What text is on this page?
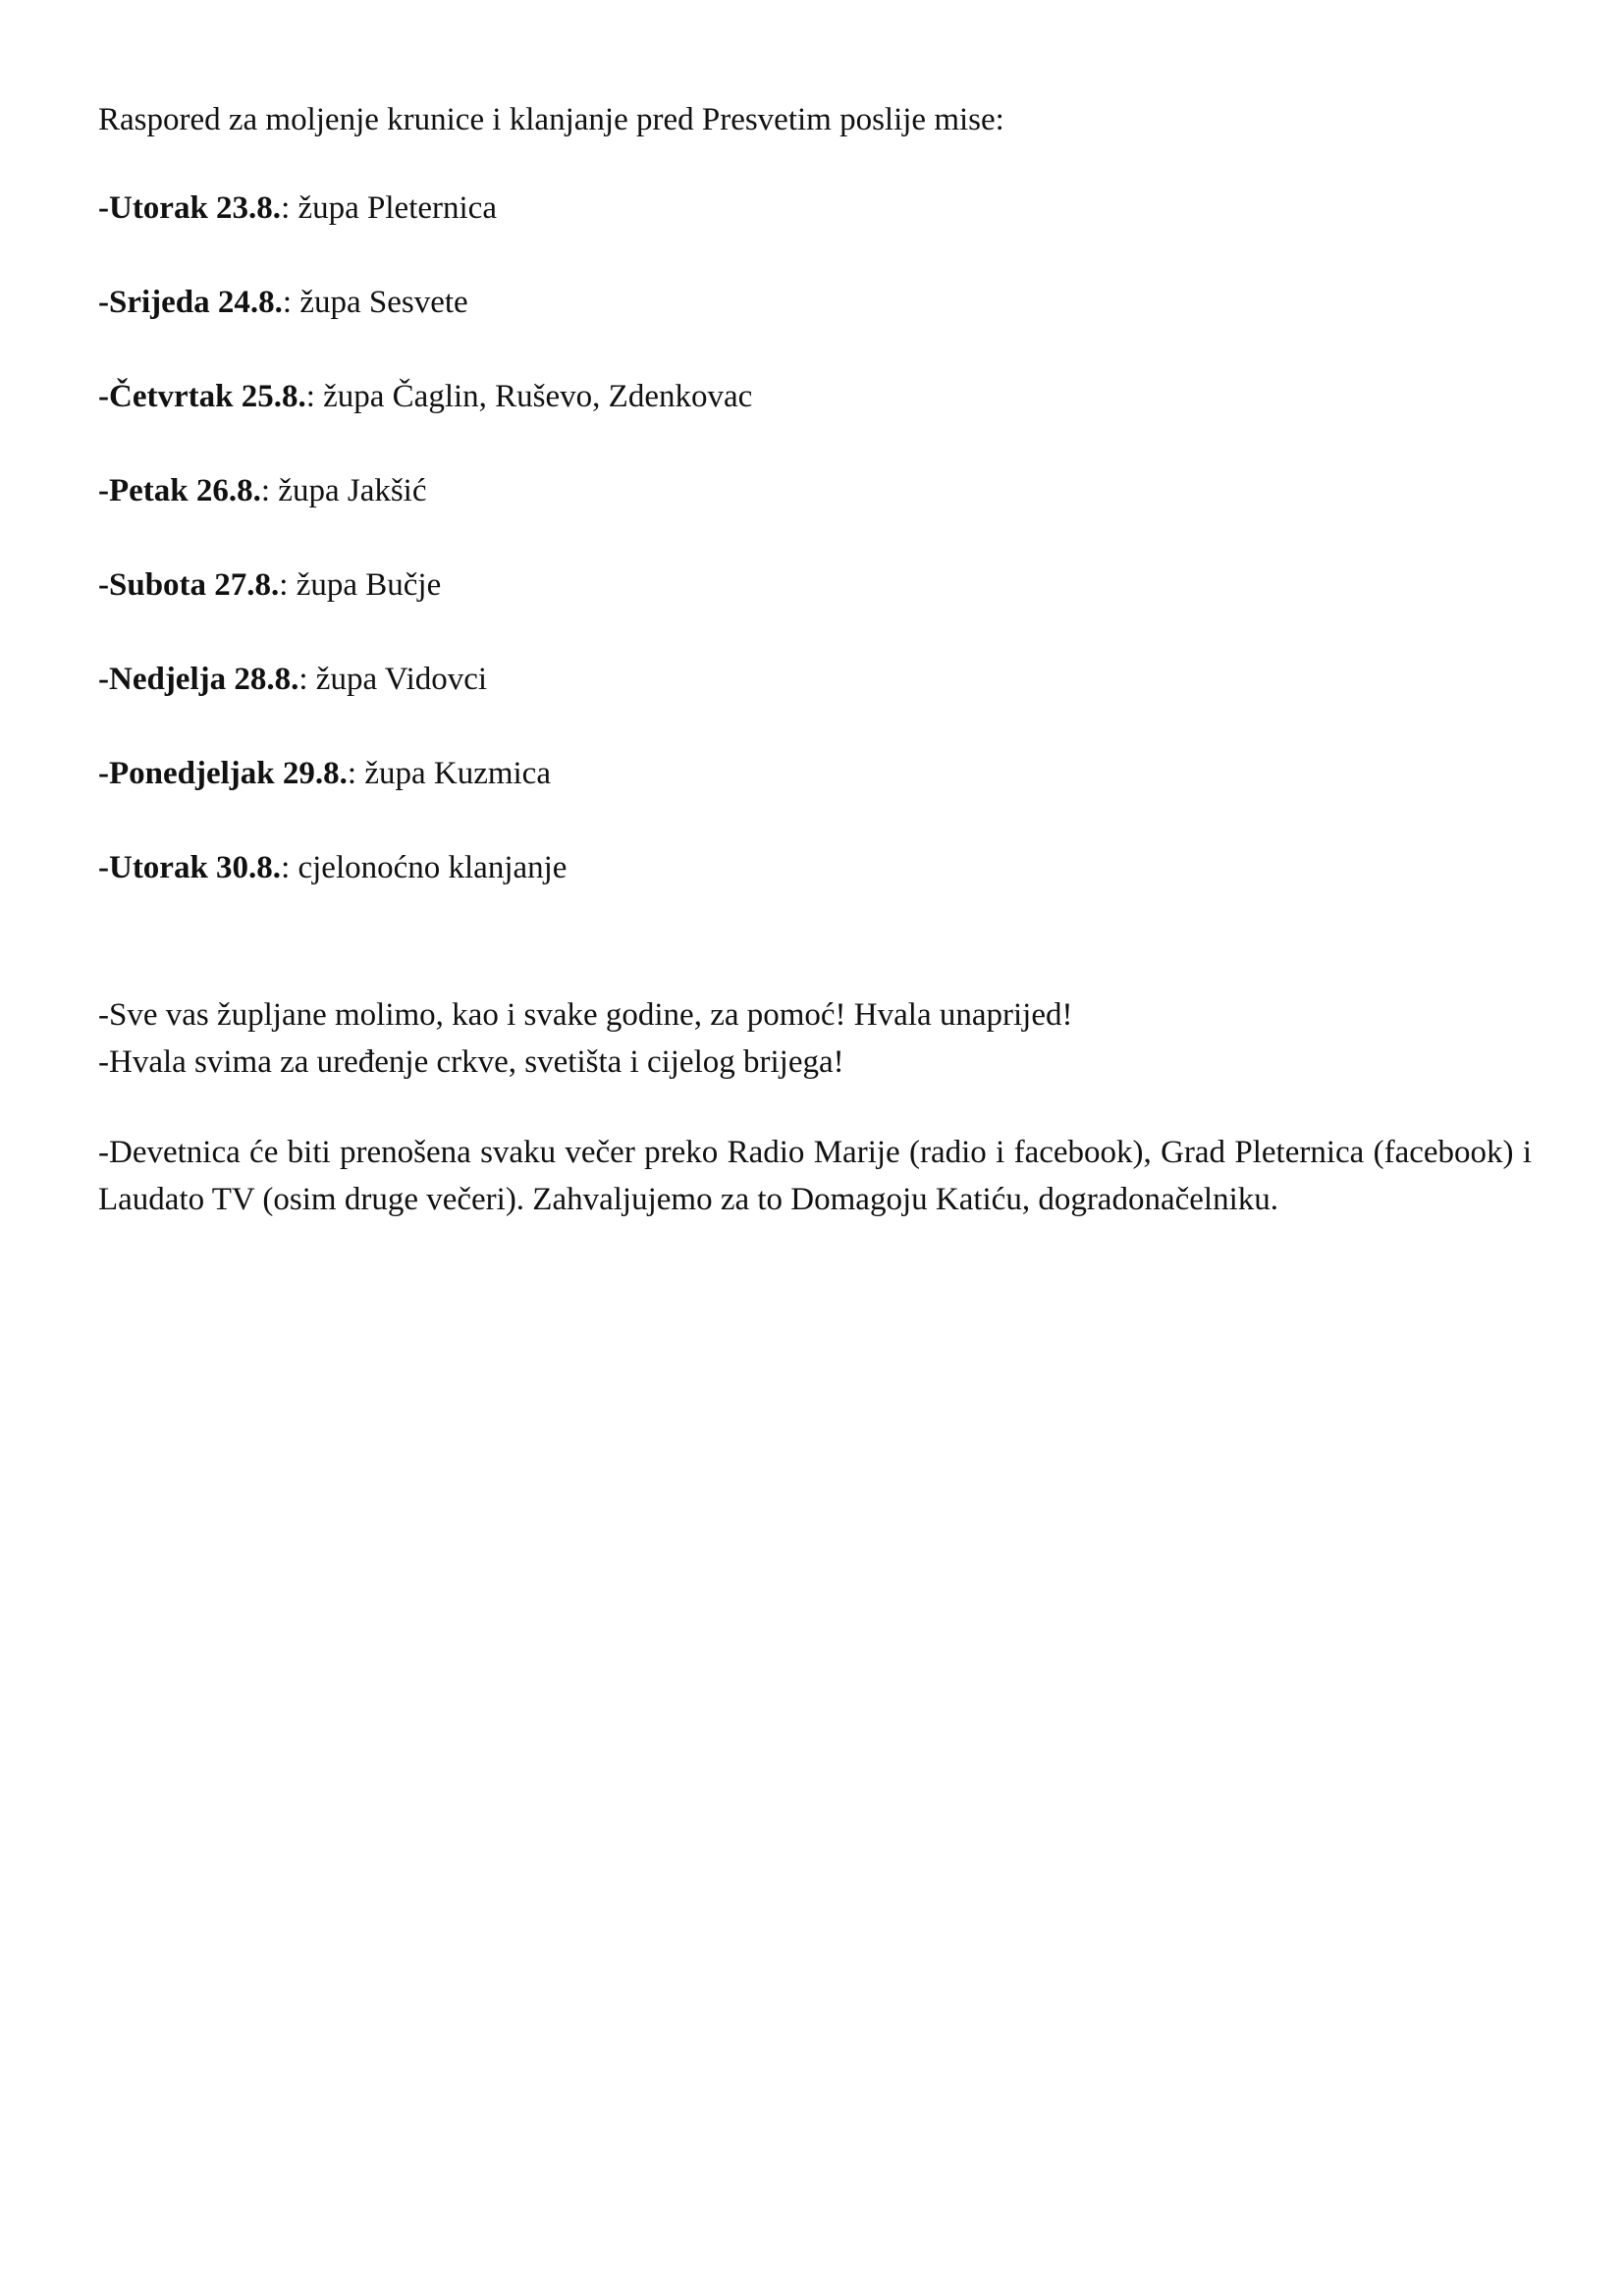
Raspored za moljenje krunice i klanjanje pred Presvetim poslije mise:
-Utorak 23.8.: župa Pleternica
-Srijeda 24.8.: župa Sesvete
-Četvrtak 25.8.: župa Čaglin, Ruševo, Zdenkovac
-Petak 26.8.: župa Jakšić
-Subota 27.8.: župa Bučje
-Nedjelja 28.8.: župa Vidovci
-Ponedjeljak 29.8.: župa Kuzmica
-Utorak 30.8.: cjelonoćno klanjanje
-Sve vas župljane molimo, kao i svake godine, za pomoć! Hvala unaprijed!
-Hvala svima za uređenje crkve, svetišta i cijelog brijega!
-Devetnica će biti prenošena svaku večer preko Radio Marije (radio i facebook), Grad Pleternica (facebook) i Laudato TV (osim druge večeri). Zahvaljujemo za to Domagoju Katiću, dogradonačelniku.
